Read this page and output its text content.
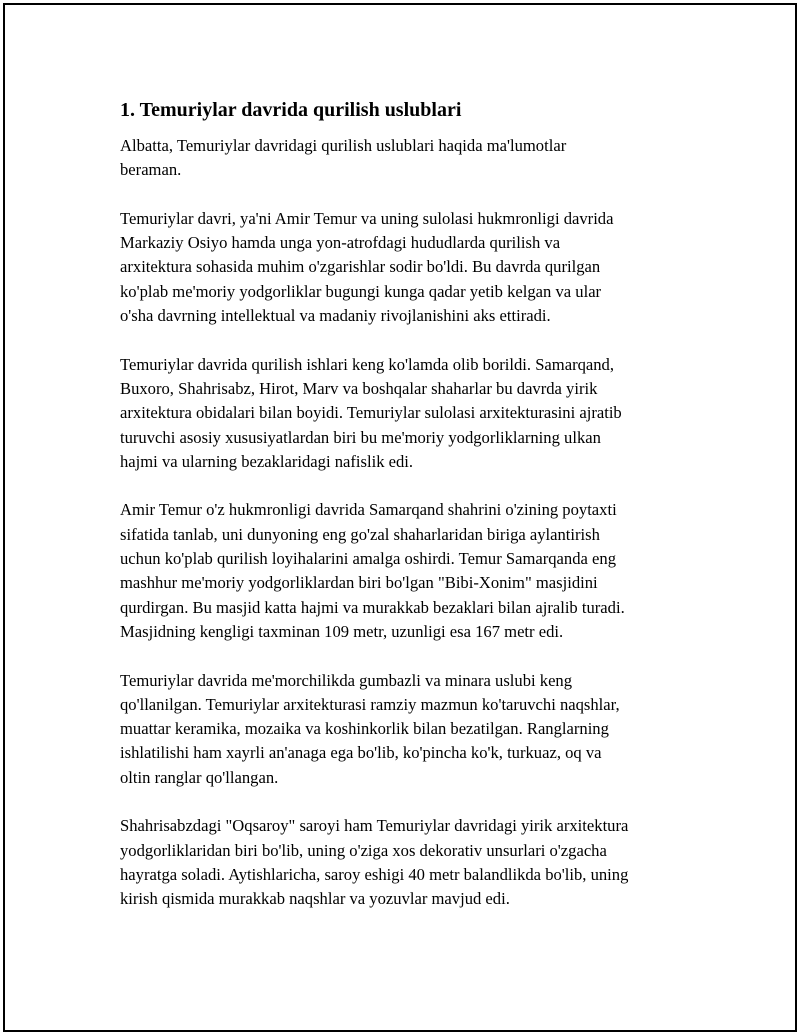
1. Temuriylar davrida qurilish uslublari

Albatta, Temuriylar davridagi qurilish uslublari haqida ma'lumotlar
beraman.

Temuriylar davri, ya'ni Amir Temur va uning sulolasi hukmronligi davrida
Markaziy Osiyo hamda unga yon-atrofdagi hududlarda qurilish va
arxitektura sohasida muhim o'zgarishlar sodir bo'ldi. Bu davrda qurilgan
ko'plab me'moriy yodgorliklar bugungi kunga qadar yetib kelgan va ular
o'sha davrning intellektual va madaniy rivojlanishini aks ettiradi.

Temuriylar davrida qurilish ishlari keng ko'lamda olib borildi. Samarqand,
Buxoro, Shahrisabz, Hirot, Marv va boshqalar shaharlar bu davrda yirik
arxitektura obidalari bilan boyidi. Temuriylar sulolasi arxitekturasini ajratib
turuvchi asosiy xususiyatlardan biri bu me'moriy yodgorliklarning ulkan
hajmi va ularning bezaklaridagi nafislik edi.

Amir Temur o'z hukmronligi davrida Samarqand shahrini o'zining poytaxti
sifatida tanlab, uni dunyoning eng go'zal shaharlaridan biriga aylantirish
uchun ko'plab qurilish loyihalarini amalga oshirdi. Temur Samarqanda eng
mashhur me'moriy yodgorliklardan biri bo'lgan "Bibi-Xonim" masjidini
qurdirgan. Bu masjid katta hajmi va murakkab bezaklari bilan ajralib turadi.
Masjidning kengligi taxminan 109 metr, uzunligi esa 167 metr edi.

Temuriylar davrida me'morchilikda gumbazli va minara uslubi keng
qo'llanilgan. Temuriylar arxitekturasi ramziy mazmun ko'taruvchi naqshlar,
muattar keramika, mozaika va koshinkorlik bilan bezatilgan. Ranglarning
ishlatilishi ham xayrli an'anaga ega bo'lib, ko'pincha ko'k, turkuaz, oq va
oltin ranglar qo'llangan.

Shahrisabzdagi "Oqsaroy" saroyi ham Temuriylar davridagi yirik arxitektura
yodgorliklaridan biri bo'lib, uning o'ziga xos dekorativ unsurlari o'zgacha
hayratga soladi. Aytishlaricha, saroy eshigi 40 metr balandlikda bo'lib, uning
kirish qismida murakkab naqshlar va yozuvlar mavjud edi.
